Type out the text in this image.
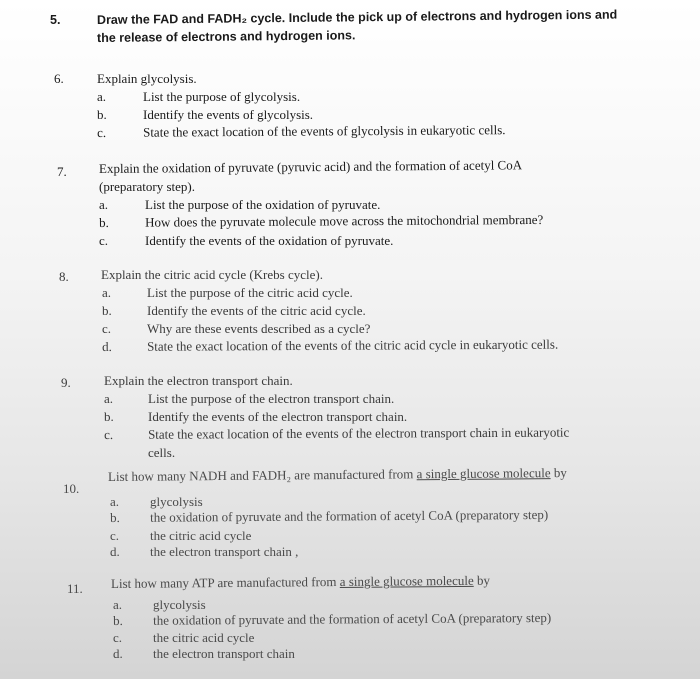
5.	Draw the FAD and FADH₂ cycle. Include the pick up of electrons and hydrogen ions and
the release of electrons and hydrogen ions.
6.	Explain glycolysis.
a.	List the purpose of glycolysis.
b.	Identify the events of glycolysis.
c.	State the exact location of the events of glycolysis in eukaryotic cells.
7.	Explain the oxidation of pyruvate (pyruvic acid) and the formation of acetyl CoA
(preparatory step).
a.	List the purpose of the oxidation of pyruvate.
b.	How does the pyruvate molecule move across the mitochondrial membrane?
c.	Identify the events of the oxidation of pyruvate.
8.	Explain the citric acid cycle (Krebs cycle).
a.	List the purpose of the citric acid cycle.
b.	Identify the events of the citric acid cycle.
c.	Why are these events described as a cycle?
d.	State the exact location of the events of the citric acid cycle in eukaryotic cells.
9.	Explain the electron transport chain.
a.	List the purpose of the electron transport chain.
b.	Identify the events of the electron transport chain.
c.	State the exact location of the events of the electron transport chain in eukaryotic
cells.
10.
List how many NADH and FADH₂ are manufactured from a single glucose molecule by
a. glycolysis
b. the oxidation of pyruvate and the formation of acetyl CoA (preparatory step)
c. the citric acid cycle
d. the electron transport chain ,
11.	List how many ATP are manufactured from a single glucose molecule by
a. glycolysis
b. the oxidation of pyruvate and the formation of acetyl CoA (preparatory step)
c. the citric acid cycle
d. the electron transport chain
